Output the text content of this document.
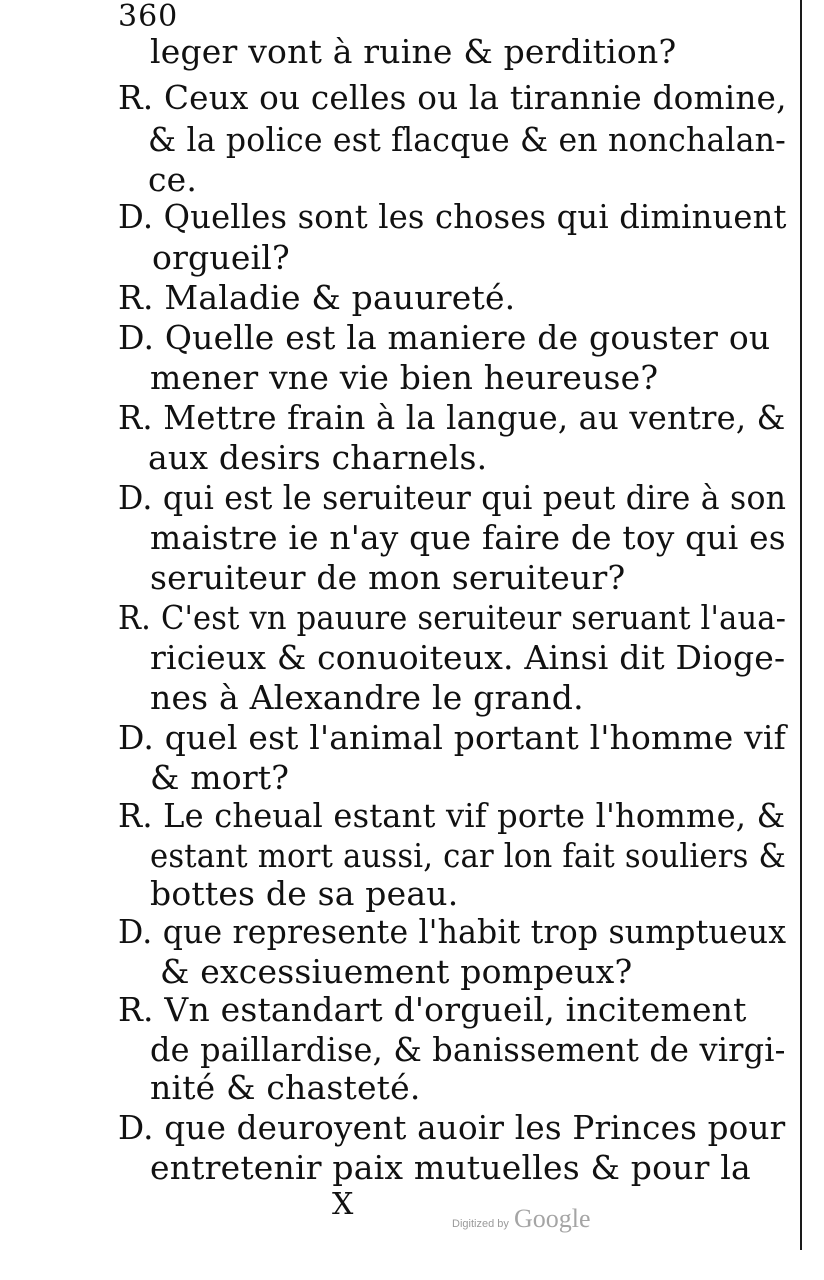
360
leger vont à ruine & perdition?
R. Ceux ou celles ou la tirannie domine,
& la police est flacque & en nonchalan-
ce.
D. Quelles sont les choses qui diminuent
orgueil?
R. Maladie & pauureté.
D. Quelle est la maniere de gouster ou
mener vne vie bien heureuse?
R. Mettre frain à la langue, au ventre, &
aux desirs charnels.
D. qui est le seruiteur qui peut dire à son
maistre ie n'ay que faire de toy qui es
seruiteur de mon seruiteur?
R. C'est vn pauure seruiteur seruant l'aua-
ricieux & conuoiteux. Ainsi dit Dioge-
nes à Alexandre le grand.
D. quel est l'animal portant l'homme vif
& mort?
R. Le cheual estant vif porte l'homme, &
estant mort aussi, car lon fait souliers &
bottes de sa peau.
D. que represente l'habit trop sumptueux
& excessiuement pompeux?
R. Vn estandart d'orgueil, incitement
de paillardise, & banissement de virgi-
nité & chasteté.
D. que deuroyent auoir les Princes pour
entretenir paix mutuelles & pour la
X
Digitized by Google
